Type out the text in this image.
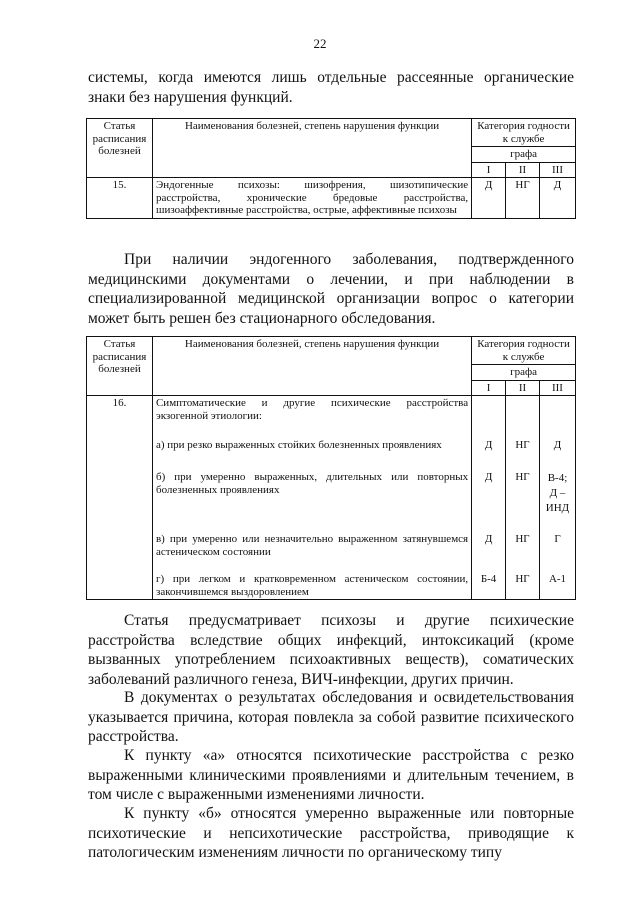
22
системы, когда имеются лишь отдельные рассеянные органические знаки без нарушения функций.
Статья расписания болезней	Наименования болезней, степень нарушения функции	Категория годности к службе		
		графа		
		I	II	III
15.	Эндогенные психозы: шизофрения, шизотипические расстройства, хронические бредовые расстройства, шизоаффективные расстройства, острые, аффективные психозы	Д	НГ	Д
При наличии эндогенного заболевания, подтвержденного медицинскими документами о лечении, и при наблюдении в специализированной медицинской организации вопрос о категории может быть решен без стационарного обследования.
Статья расписания болезней	Наименования болезней, степень нарушения функции	Категория годности к службе		
		графа		
		I	II	III
16.	Симптоматические и другие психические расстройства экзогенной этиологии:			
	а) при резко выраженных стойких болезненных проявлениях	Д	НГ	Д
	б) при умеренно выраженных, длительных или повторных болезненных проявлениях	Д	НГ	В-4; Д – ИНД
	в) при умеренно или незначительно выраженном затянувшемся астеническом состоянии	Д	НГ	Г
	г) при легком и кратковременном астеническом состоянии, закончившемся выздоровлением	Б-4	НГ	А-1
Статья предусматривает психозы и другие психические расстройства вследствие общих инфекций, интоксикаций (кроме вызванных употреблением психоактивных веществ), соматических заболеваний различного генеза, ВИЧ-инфекции, других причин.
В документах о результатах обследования и освидетельствования указывается причина, которая повлекла за собой развитие психического расстройства.
К пункту «а» относятся психотические расстройства с резко выраженными клиническими проявлениями и длительным течением, в том числе с выраженными изменениями личности.
К пункту «б» относятся умеренно выраженные или повторные психотические и непсихотические расстройства, приводящие к патологическим изменениям личности по органическому типу
